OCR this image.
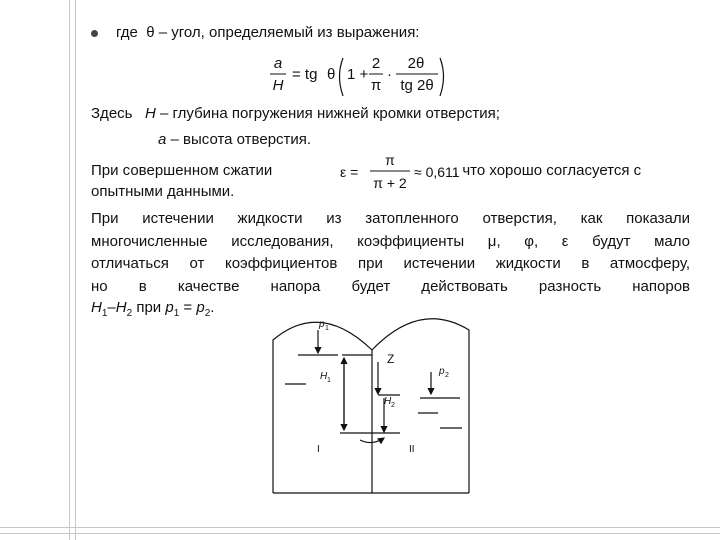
где θ – угол, определяемый из выражения:
a
H
= tg θ 1 +
2
π
·
2θ
tg 2θ
Здесь H – глубина погружения нижней кромки отверстия;
a – высота отверстия.
При совершенном сжатии	ε =
π
π + 2
≈ 0,611
, что хорошо согласуется с
опытными данными.
При истечении жидкости из затопленного отверстия, как показали
многочисленные исследования, коэффициенты μ, φ, ε будут мало
отличаться от коэффициентов при истечении жидкости в атмосферу,
но в качестве напора будет действовать разность напоров
$H_1-H_2$ при $p_1 = p_2$.
p 1
Z
p 2
H 1
H 2
I	II
